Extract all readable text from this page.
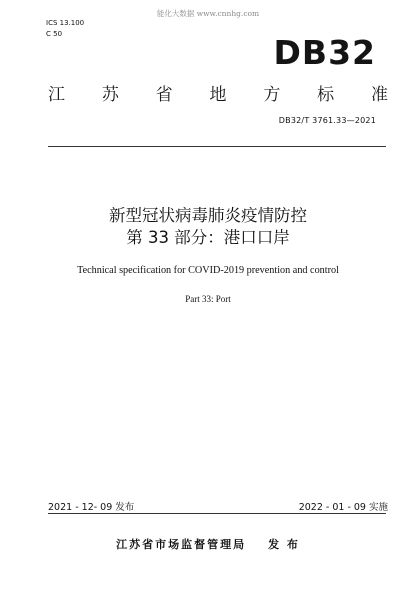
能化大数据 www.cnnhg.com
ICS 13.100
C 50	DB32
江 苏 省 地 方 标 准
DB32/T 3761.33—2021
新型冠状病毒肺炎疫情防控
第 33 部分：港口口岸
Technical specification for COVID-2019 prevention and control
Part 33: Port
2021 - 12- 09 发布	2022 - 01 - 09 实施
江苏省市场监督管理局 发 布
